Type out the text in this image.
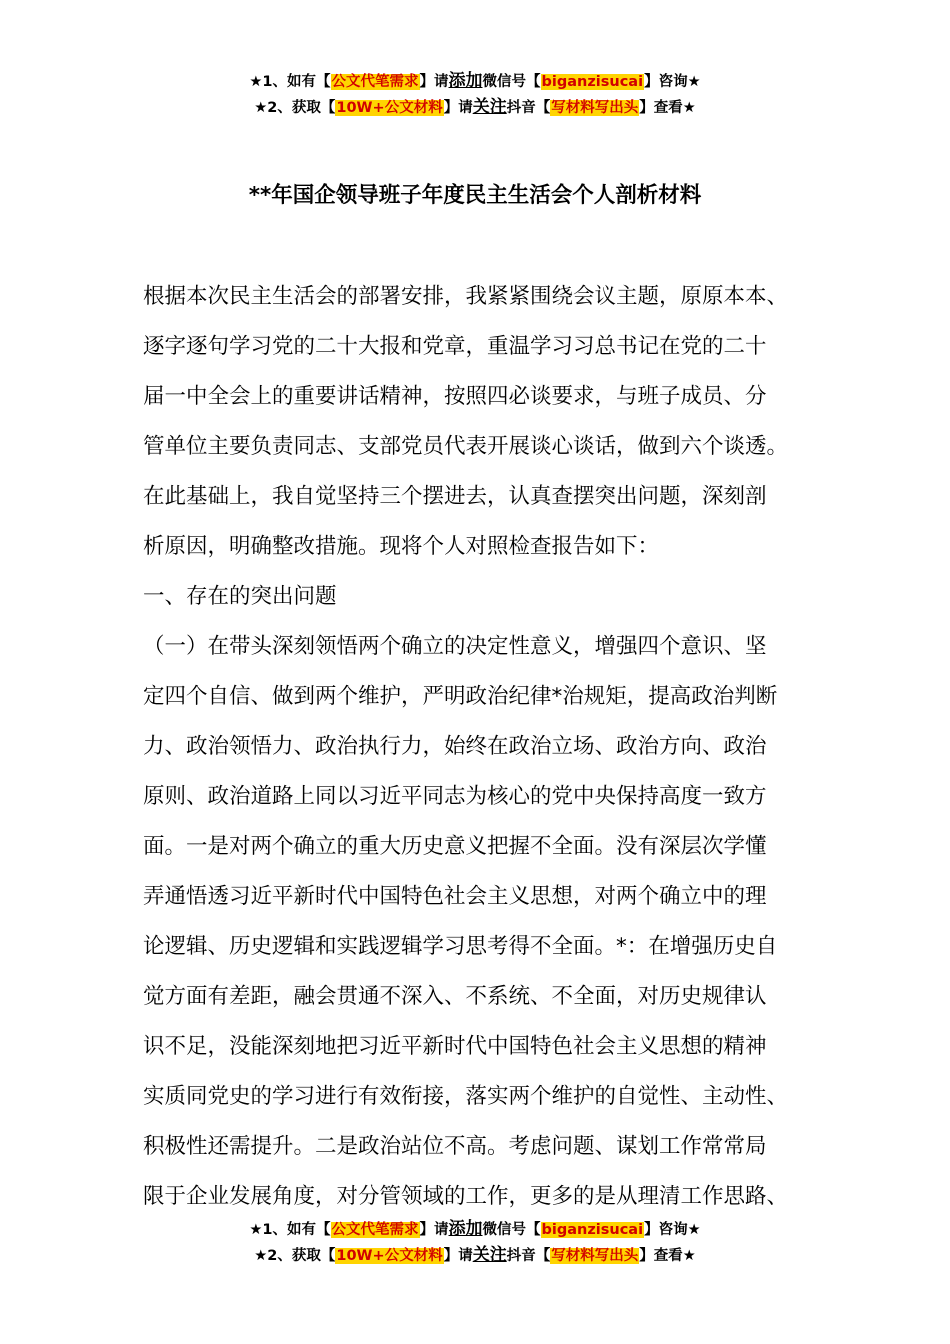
★1、如有【公文代笔需求】请添加微信号【biganzisucai】咨询★
★2、获取【10W+公文材料】请关注抖音【写材料写出头】查看★
**年国企领导班子年度民主生活会个人剖析材料
根据本次民主生活会的部署安排，我紧紧围绕会议主题，原原本本、
逐字逐句学习党的二十大报和党章，重温学习习总书记在党的二十
届一中全会上的重要讲话精神，按照四必谈要求，与班子成员、分
管单位主要负责同志、支部党员代表开展谈心谈话，做到六个谈透。
在此基础上，我自觉坚持三个摆进去，认真查摆突出问题，深刻剖
析原因，明确整改措施。现将个人对照检查报告如下：
一、存在的突出问题
（一）在带头深刻领悟两个确立的决定性意义，增强四个意识、坚
定四个自信、做到两个维护，严明政治纪律*治规矩，提高政治判断
力、政治领悟力、政治执行力，始终在政治立场、政治方向、政治
原则、政治道路上同以习近平同志为核心的党中央保持高度一致方
面。一是对两个确立的重大历史意义把握不全面。没有深层次学懂
弄通悟透习近平新时代中国特色社会主义思想，对两个确立中的理
论逻辑、历史逻辑和实践逻辑学习思考得不全面。*：在增强历史自
觉方面有差距，融会贯通不深入、不系统、不全面，对历史规律认
识不足，没能深刻地把习近平新时代中国特色社会主义思想的精神
实质同党史的学习进行有效衔接，落实两个维护的自觉性、主动性、
积极性还需提升。二是政治站位不高。考虑问题、谋划工作常常局
限于企业发展角度，对分管领域的工作，更多的是从理清工作思路、
★1、如有【公文代笔需求】请添加微信号【biganzisucai】咨询★
★2、获取【10W+公文材料】请关注抖音【写材料写出头】查看★
